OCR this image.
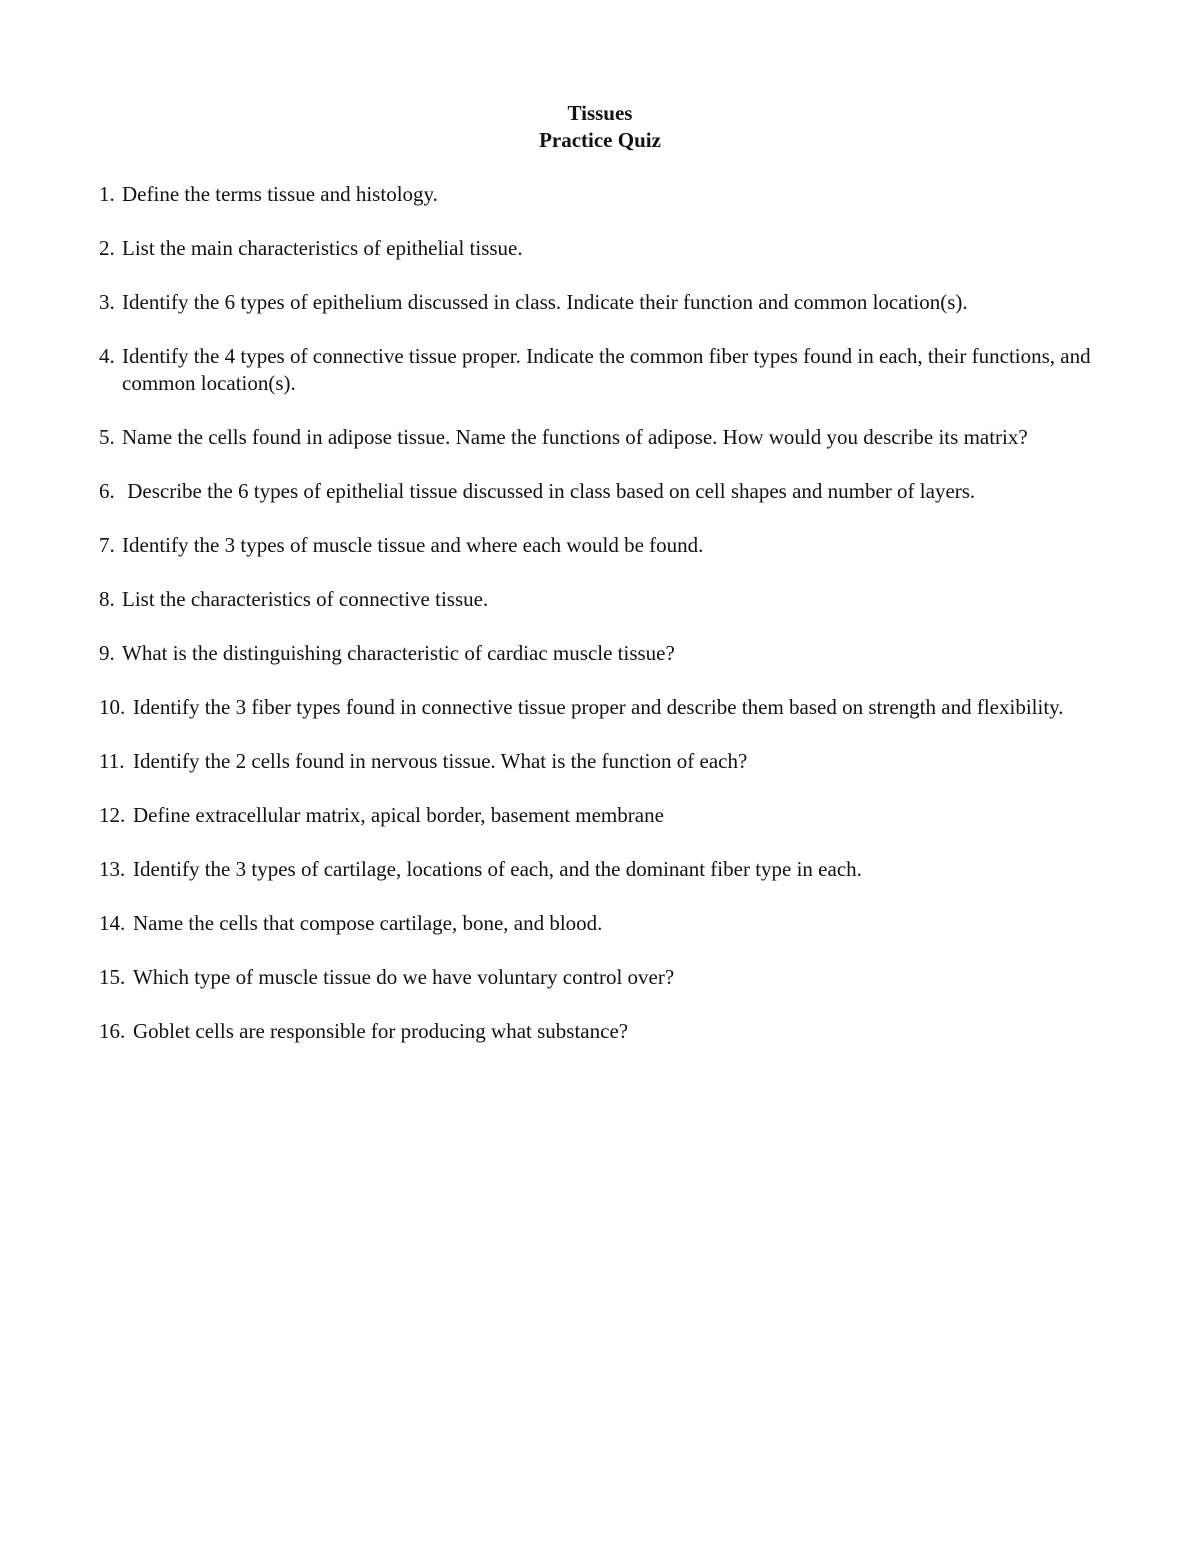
Tissues
Practice Quiz
1. Define the terms tissue and histology.
2. List the main characteristics of epithelial tissue.
3. Identify the 6 types of epithelium discussed in class. Indicate their function and common location(s).
4. Identify the 4 types of connective tissue proper. Indicate the common fiber types found in each, their functions, and common location(s).
5. Name the cells found in adipose tissue. Name the functions of adipose. How would you describe its matrix?
6. Describe the 6 types of epithelial tissue discussed in class based on cell shapes and number of layers.
7. Identify the 3 types of muscle tissue and where each would be found.
8. List the characteristics of connective tissue.
9. What is the distinguishing characteristic of cardiac muscle tissue?
10. Identify the 3 fiber types found in connective tissue proper and describe them based on strength and flexibility.
11. Identify the 2 cells found in nervous tissue. What is the function of each?
12. Define extracellular matrix, apical border, basement membrane
13. Identify the 3 types of cartilage, locations of each, and the dominant fiber type in each.
14. Name the cells that compose cartilage, bone, and blood.
15. Which type of muscle tissue do we have voluntary control over?
16. Goblet cells are responsible for producing what substance?
